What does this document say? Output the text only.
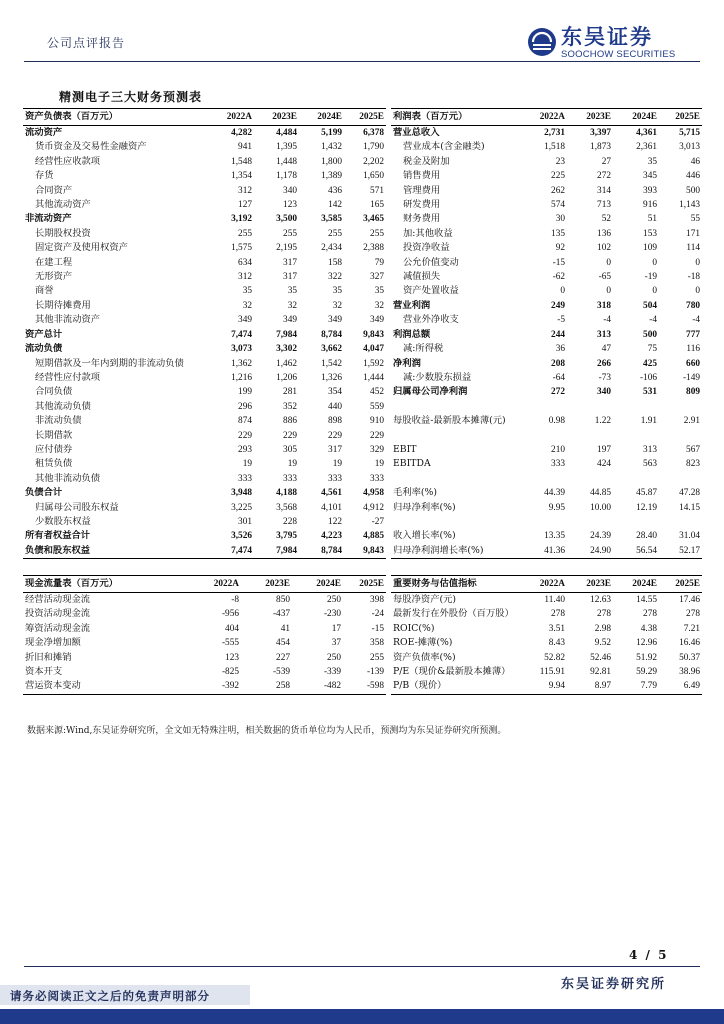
公司点评报告	东吴证券
SOOCHOW SECURITIES
精测电子三大财务预测表
资产负债表（百万元）	2022A	2023E	2024E	2025E
流动资产	4,282	4,484	5,199	6,378
货币资金及交易性金融资产	941	1,395	1,432	1,790
经营性应收款项	1,548	1,448	1,800	2,202
存货	1,354	1,178	1,389	1,650
合同资产	312	340	436	571
其他流动资产	127	123	142	165
非流动资产	3,192	3,500	3,585	3,465
长期股权投资	255	255	255	255
固定资产及使用权资产	1,575	2,195	2,434	2,388
在建工程	634	317	158	79
无形资产	312	317	322	327
商誉	35	35	35	35
长期待摊费用	32	32	32	32
其他非流动资产	349	349	349	349
资产总计	7,474	7,984	8,784	9,843
流动负债	3,073	3,302	3,662	4,047
短期借款及一年内到期的非流动负债	1,362	1,462	1,542	1,592
经营性应付款项	1,216	1,206	1,326	1,444
合同负债	199	281	354	452
其他流动负债	296	352	440	559
非流动负债	874	886	898	910
长期借款	229	229	229	229
应付债券	293	305	317	329
租赁负债	19	19	19	19
其他非流动负债	333	333	333	333
负债合计	3,948	4,188	4,561	4,958
归属母公司股东权益	3,225	3,568	4,101	4,912
少数股东权益	301	228	122	-27
所有者权益合计	3,526	3,795	4,223	4,885
负债和股东权益	7,474	7,984	8,784	9,843
利润表（百万元）	2022A	2023E	2024E	2025E
营业总收入	2,731	3,397	4,361	5,715
营业成本(含金融类)	1,518	1,873	2,361	3,013
税金及附加	23	27	35	46
销售费用	225	272	345	446
管理费用	262	314	393	500
研发费用	574	713	916	1,143
财务费用	30	52	51	55
加:其他收益	135	136	153	171
投资净收益	92	102	109	114
公允价值变动	-15	0	0	0
减值损失	-62	-65	-19	-18
资产处置收益	0	0	0	0
营业利润	249	318	504	780
营业外净收支	-5	-4	-4	-4
利润总额	244	313	500	777
减:所得税	36	47	75	116
净利润	208	266	425	660
减:少数股东损益	-64	-73	-106	-149
归属母公司净利润	272	340	531	809

每股收益-最新股本摊薄(元)	0.98	1.22	1.91	2.91

EBIT	210	197	313	567
EBITDA	333	424	563	823

毛利率(%)	44.39	44.85	45.87	47.28
归母净利率(%)	9.95	10.00	12.19	14.15

收入增长率(%)	13.35	24.39	28.40	31.04
归母净利润增长率(%)	41.36	24.90	56.54	52.17
现金流量表（百万元）	2022A	2023E	2024E	2025E
经营活动现金流	-8	850	250	398
投资活动现金流	-956	-437	-230	-24
筹资活动现金流	404	41	17	-15
现金净增加额	-555	454	37	358
折旧和摊销	123	227	250	255
资本开支	-825	-539	-339	-139
营运资本变动	-392	258	-482	-598
重要财务与估值指标	2022A	2023E	2024E	2025E
每股净资产(元)	11.40	12.63	14.55	17.46
最新发行在外股份（百万股）	278	278	278	278
ROIC(%)	3.51	2.98	4.38	7.21
ROE-摊薄(%)	8.43	9.52	12.96	16.46
资产负债率(%)	52.82	52.46	51.92	50.37
P/E（现价&最新股本摊薄）	115.91	92.81	59.29	38.96
P/B（现价）	9.94	8.97	7.79	6.49
数据来源:Wind,东吴证券研究所，全文如无特殊注明，相关数据的货币单位均为人民币，预测均为东吴证券研究所预测。
4 / 5
东吴证券研究所
请务必阅读正文之后的免责声明部分
